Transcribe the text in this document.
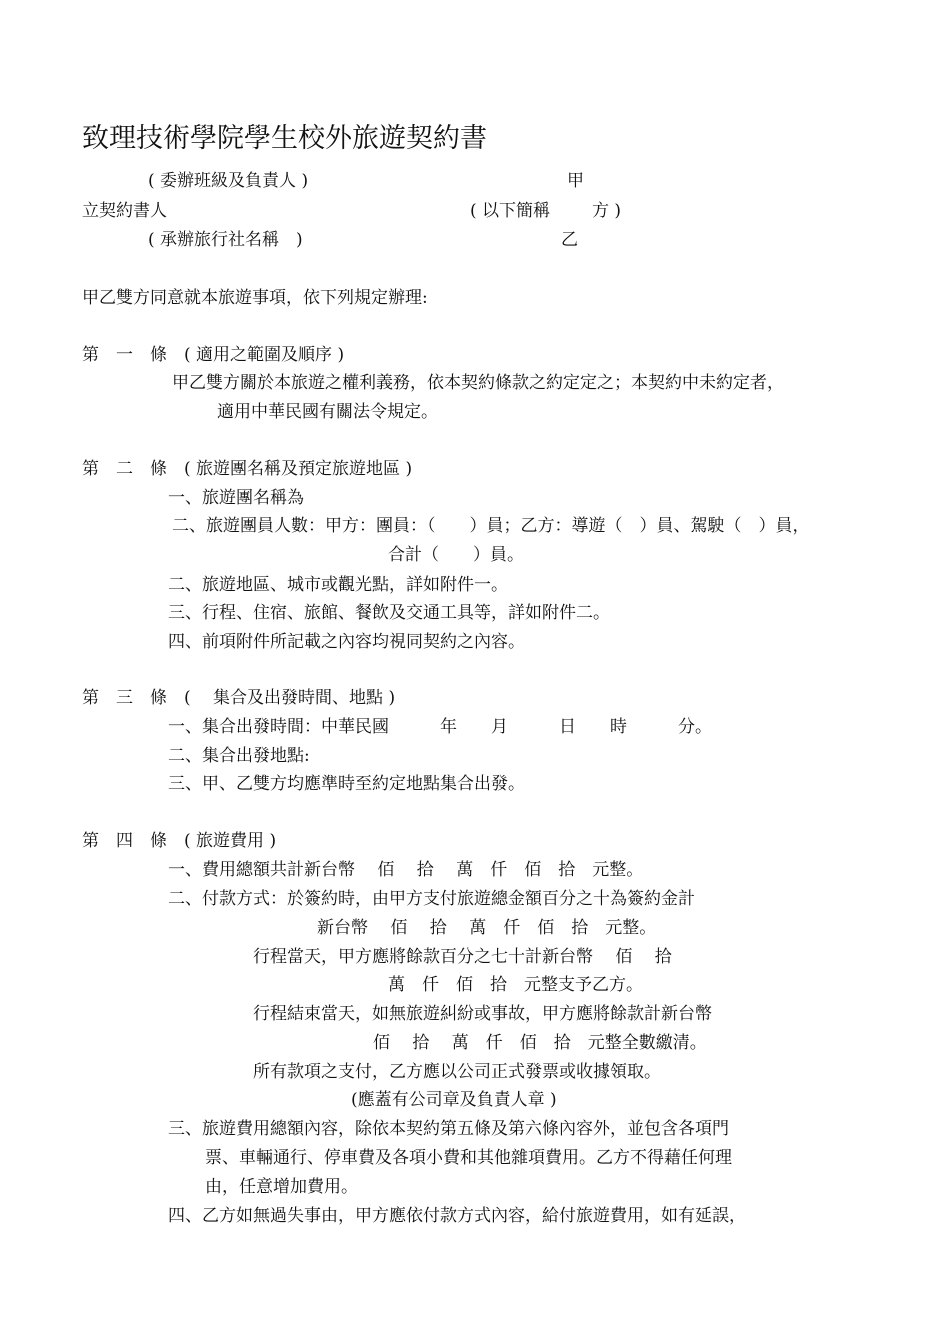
致理技術學院學生校外旅遊契約書
( 委辦班級及負責人 )	甲
立契約書人	( 以下簡稱 方 )
( 承辦旅行社名稱　)	乙
甲乙雙方同意就本旅遊事項，依下列規定辦理:
第　一　條　( 適用之範圍及順序 )
甲乙雙方關於本旅遊之權利義務，依本契約條款之約定定之；本契約中未約定者，
適用中華民國有關法令規定。
第　二　條　( 旅遊團名稱及預定旅遊地區 )
一、旅遊團名稱為
二、旅遊團員人數：甲方：團員：（　　）員；乙方：導遊（　）員、駕駛（　）員，
合計（　　）員。
二、旅遊地區、城市或觀光點，詳如附件一。
三、行程、住宿、旅館、餐飲及交通工具等，詳如附件二。
四、前項附件所記載之內容均視同契約之內容。
第　三　條　(　 集合及出發時間、地點 )
一、集合出發時間：中華民國　　　年　　月　　　日　　時　　　分。
二、集合出發地點:
三、甲、乙雙方均應準時至約定地點集合出發。
第　四　條　( 旅遊費用 )
一、費用總額共計新台幣　 佰　 拾　 萬　仟　佰　拾　元整。
二、付款方式：於簽約時，由甲方支付旅遊總金額百分之十為簽約金計
新台幣　 佰　 拾　 萬　仟　佰　拾　元整。
行程當天，甲方應將餘款百分之七十計新台幣　 佰　 拾
萬　仟　佰　拾　元整支予乙方。
行程結束當天，如無旅遊糾紛或事故，甲方應將餘款計新台幣
佰　 拾　 萬　仟　佰　拾　元整全數繳清。
所有款項之支付，乙方應以公司正式發票或收據領取。
(應蓋有公司章及負責人章 )
三、旅遊費用總額內容，除依本契約第五條及第六條內容外，並包含各項門
票、車輛通行、停車費及各項小費和其他雜項費用。乙方不得藉任何理
由，任意增加費用。
四、乙方如無過失事由，甲方應依付款方式內容，給付旅遊費用，如有延誤，
